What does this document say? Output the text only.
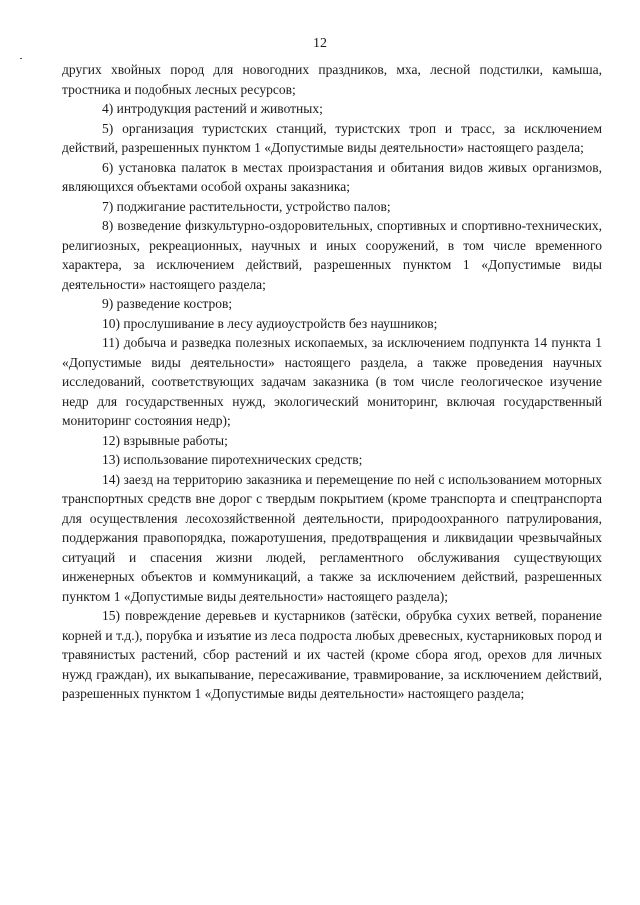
12

других хвойных пород для новогодних праздников, мха, лесной подстилки, камыша, тростника и подобных лесных ресурсов;

4) интродукция растений и животных;

5) организация туристских станций, туристских троп и трасс, за исключением действий, разрешенных пунктом 1 «Допустимые виды деятельности» настоящего раздела;

6) установка палаток в местах произрастания и обитания видов живых организмов, являющихся объектами особой охраны заказника;

7) поджигание растительности, устройство палов;

8) возведение физкультурно-оздоровительных, спортивных и спортивно-технических, религиозных, рекреационных, научных и иных сооружений, в том числе временного характера, за исключением действий, разрешенных пунктом 1 «Допустимые виды деятельности» настоящего раздела;

9) разведение костров;

10) прослушивание в лесу аудиоустройств без наушников;

11) добыча и разведка полезных ископаемых, за исключением подпункта 14 пункта 1 «Допустимые виды деятельности» настоящего раздела, а также проведения научных исследований, соответствующих задачам заказника (в том числе геологическое изучение недр для государственных нужд, экологический мониторинг, включая государственный мониторинг состояния недр);

12) взрывные работы;

13) использование пиротехнических средств;

14) заезд на территорию заказника и перемещение по ней с использованием моторных транспортных средств вне дорог с твердым покрытием (кроме транспорта и спецтранспорта для осуществления лесохозяйственной деятельности, природоохранного патрулирования, поддержания правопорядка, пожаротушения, предотвращения и ликвидации чрезвычайных ситуаций и спасения жизни людей, регламентного обслуживания существующих инженерных объектов и коммуникаций, а также за исключением действий, разрешенных пунктом 1 «Допустимые виды деятельности» настоящего раздела);

15) повреждение деревьев и кустарников (затёски, обрубка сухих ветвей, поранение корней и т.д.), порубка и изъятие из леса подроста любых древесных, кустарниковых пород и травянистых растений, сбор растений и их частей (кроме сбора ягод, орехов для личных нужд граждан), их выкапывание, пересаживание, травмирование, за исключением действий, разрешенных пунктом 1 «Допустимые виды деятельности» настоящего раздела;
